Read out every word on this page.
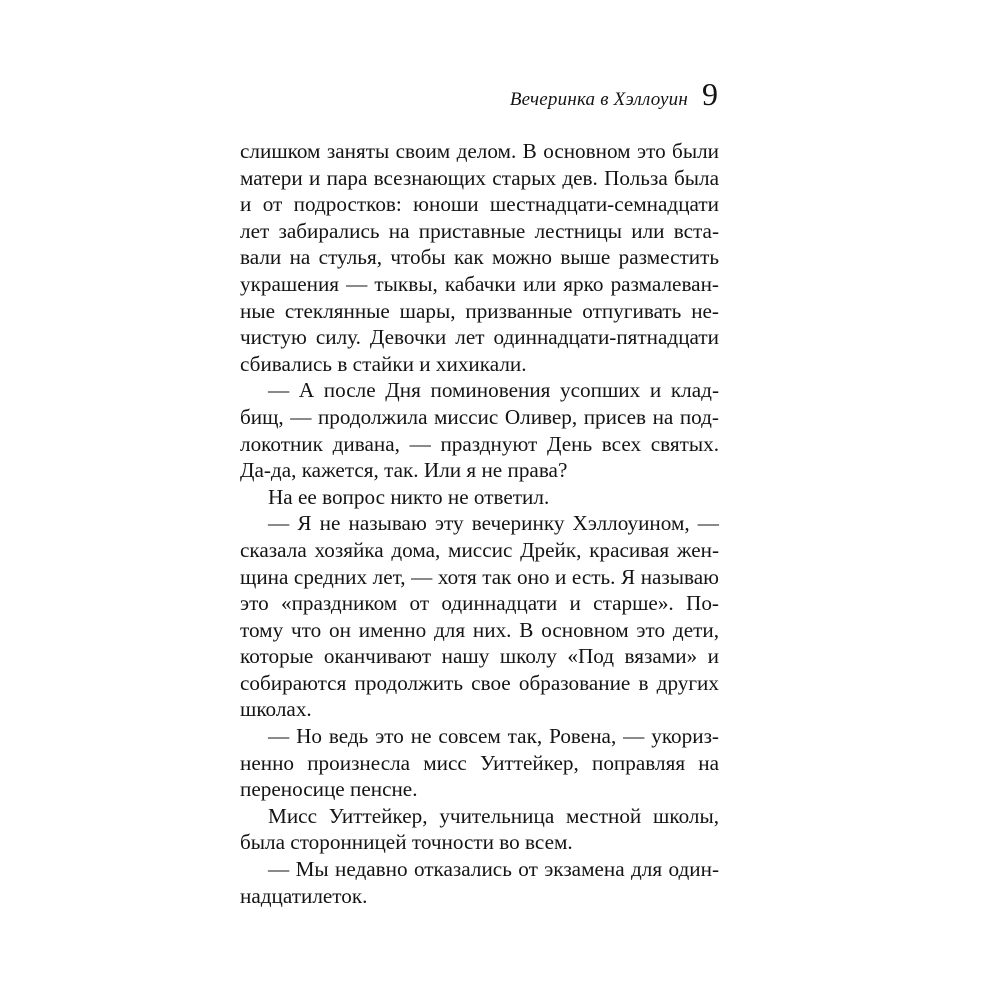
Вечеринка в Хэллоуин 9
слишком заняты своим делом. В основном это были
матери и пара всезнающих старых дев. Польза была
и от подростков: юноши шестнадцати-семнадцати
лет забирались на приставные лестницы или вста-
вали на стулья, чтобы как можно выше разместить
украшения — тыквы, кабачки или ярко размалеван-
ные стеклянные шары, призванные отпугивать не-
чистую силу. Девочки лет одиннадцати-пятнадцати
сбивались в стайки и хихикали.
— А после Дня поминовения усопших и клад-
бищ, — продолжила миссис Оливер, присев на под-
локотник дивана, — празднуют День всех святых.
Да-да, кажется, так. Или я не права?
На ее вопрос никто не ответил.
— Я не называю эту вечеринку Хэллоуином, —
сказала хозяйка дома, миссис Дрейк, красивая жен-
щина средних лет, — хотя так оно и есть. Я называю
это «праздником от одиннадцати и старше». По-
тому что он именно для них. В основном это дети,
которые оканчивают нашу школу «Под вязами» и
собираются продолжить свое образование в других
школах.
— Но ведь это не совсем так, Ровена, — укориз-
ненно произнесла мисс Уиттейкер, поправляя на
переносице пенсне.
Мисс Уиттейкер, учительница местной школы,
была сторонницей точности во всем.
— Мы недавно отказались от экзамена для один-
надцатилеток.
